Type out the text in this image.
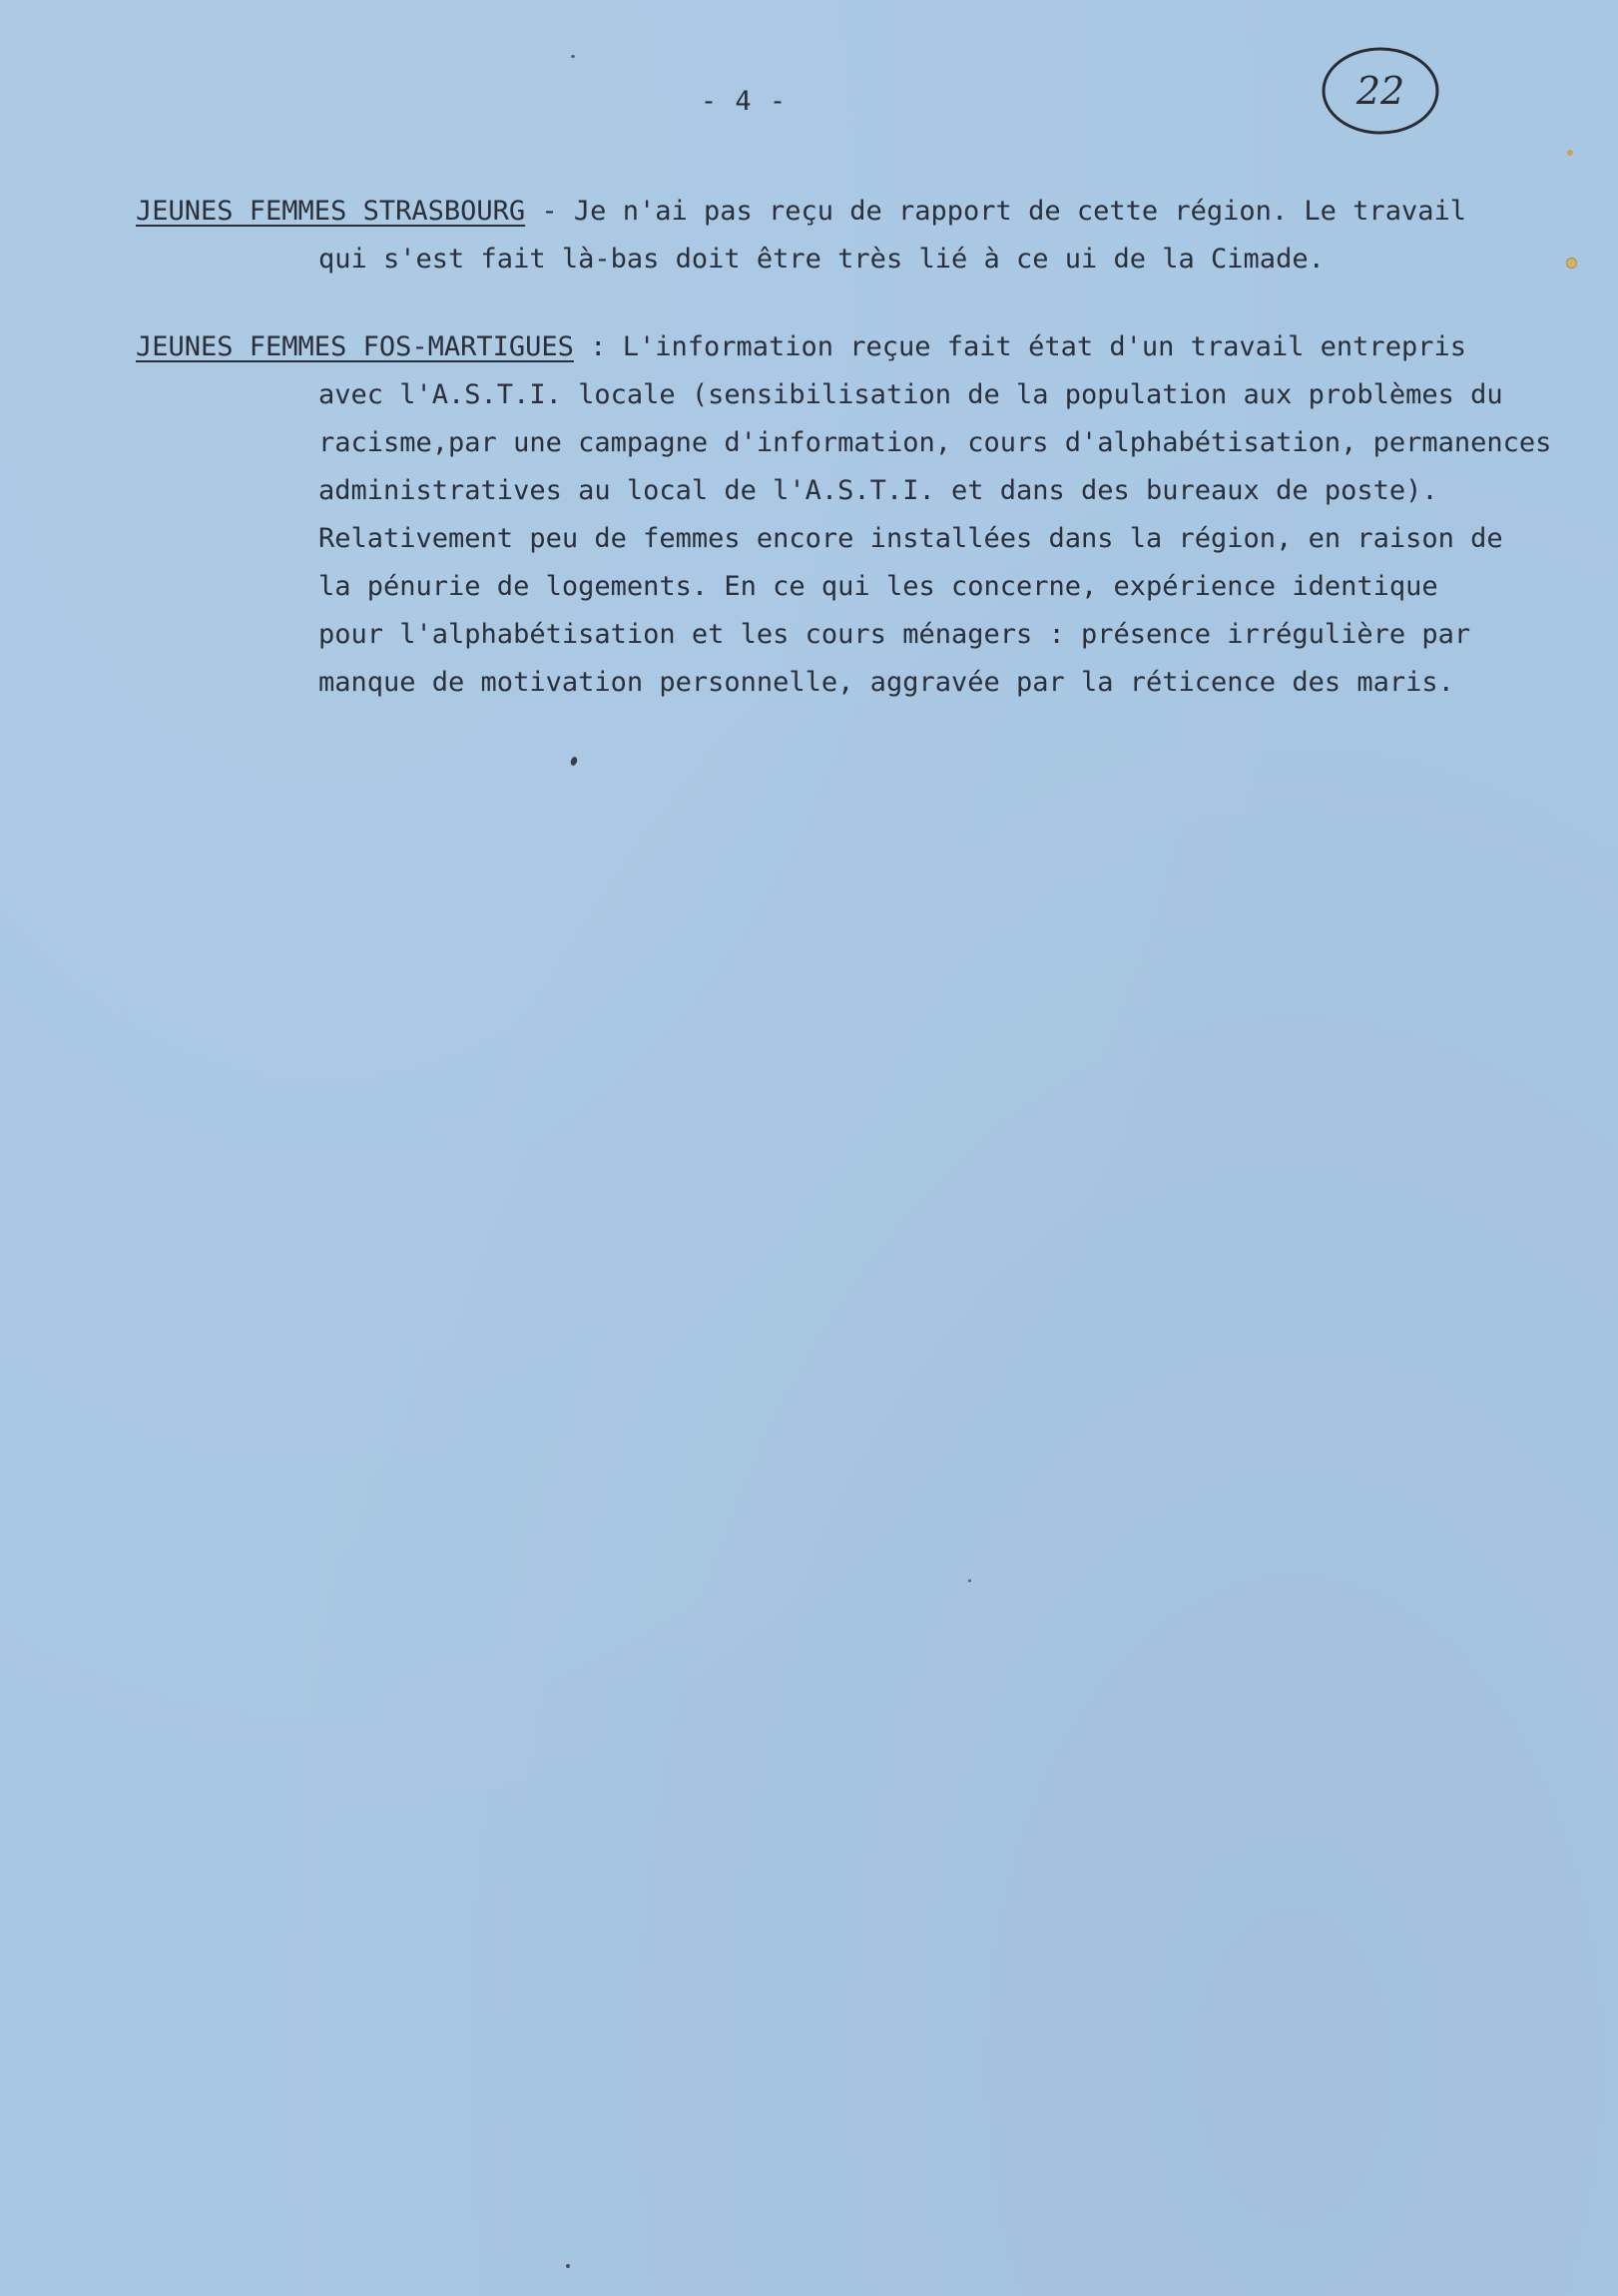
- 4 -	22
JEUNES FEMMES STRASBOURG - Je n'ai pas reçu de rapport de cette région. Le travail
qui s'est fait là-bas doit être très lié à ce ui de la Cimade.
JEUNES FEMMES FOS-MARTIGUES : L'information reçue fait état d'un travail entrepris
avec l'A.S.T.I. locale (sensibilisation de la population aux problèmes du
racisme,par une campagne d'information, cours d'alphabétisation, permanences
administratives au local de l'A.S.T.I. et dans des bureaux de poste).
Relativement peu de femmes encore installées dans la région, en raison de
la pénurie de logements. En ce qui les concerne, expérience identique
pour l'alphabétisation et les cours ménagers : présence irrégulière par
manque de motivation personnelle, aggravée par la réticence des maris.
